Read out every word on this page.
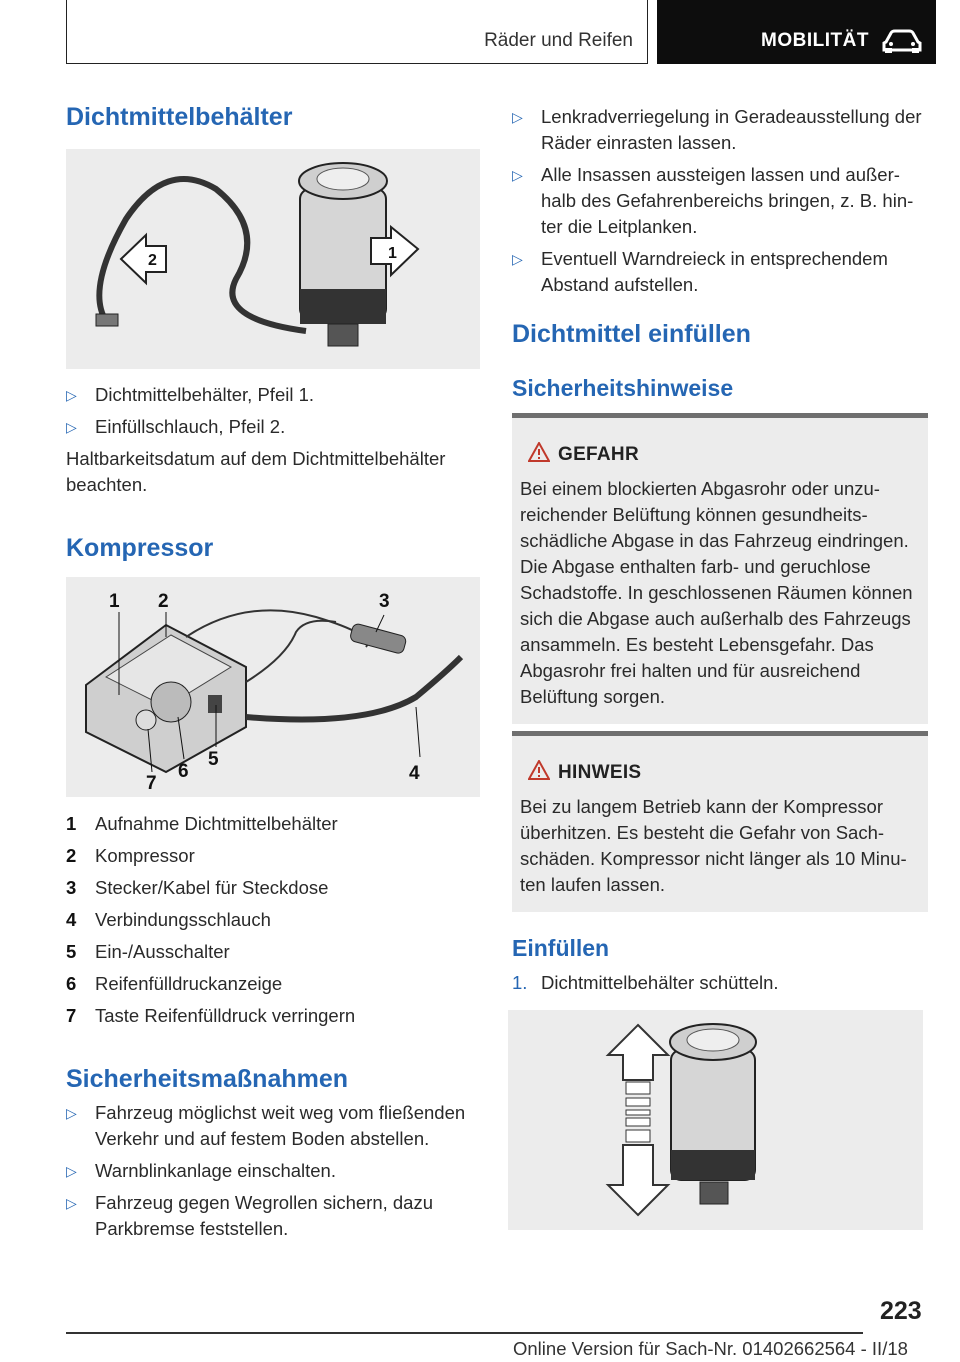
Räder und Reifen	MOBILITÄT
Dichtmittelbehälter
2	1
▷ Dichtmittelbehälter, Pfeil 1.
▷ Einfüllschlauch, Pfeil 2.
Haltbarkeitsdatum auf dem Dichtmittelbehälter beachten.
Kompressor
1 2	3
4
5
6
7
1 Aufnahme Dichtmittelbehälter
2 Kompressor
3 Stecker/Kabel für Steckdose
4 Verbindungsschlauch
5 Ein-/Ausschalter
6 Reifenfülldruckanzeige
7 Taste Reifenfülldruck verringern
Sicherheitsmaßnahmen
▷ Fahrzeug möglichst weit weg vom fließenden Verkehr und auf festem Boden abstellen.
▷ Warnblinkanlage einschalten.
▷ Fahrzeug gegen Wegrollen sichern, dazu Parkbremse feststellen.
▷ Lenkradverriegelung in Geradeausstellung der Räder einrasten lassen.
▷ Alle Insassen aussteigen lassen und außerhalb des Gefahrenbereichs bringen, z. B. hinter die Leitplanken.
▷ Eventuell Warndreieck in entsprechendem Abstand aufstellen.
Dichtmittel einfüllen
Sicherheitshinweise
GEFAHR
Bei einem blockierten Abgasrohr oder unzureichender Belüftung können gesundheitsschädliche Abgase in das Fahrzeug eindringen. Die Abgase enthalten farb- und geruchlose Schadstoffe. In geschlossenen Räumen können sich die Abgase auch außerhalb des Fahrzeugs ansammeln. Es besteht Lebensgefahr. Das Abgasrohr frei halten und für ausreichend Belüftung sorgen.
HINWEIS
Bei zu langem Betrieb kann der Kompressor überhitzen. Es besteht die Gefahr von Sachschäden. Kompressor nicht länger als 10 Minuten laufen lassen.
Einfüllen
1. Dichtmittelbehälter schütteln.
223
Online Version für Sach-Nr. 01402662564 - II/18
